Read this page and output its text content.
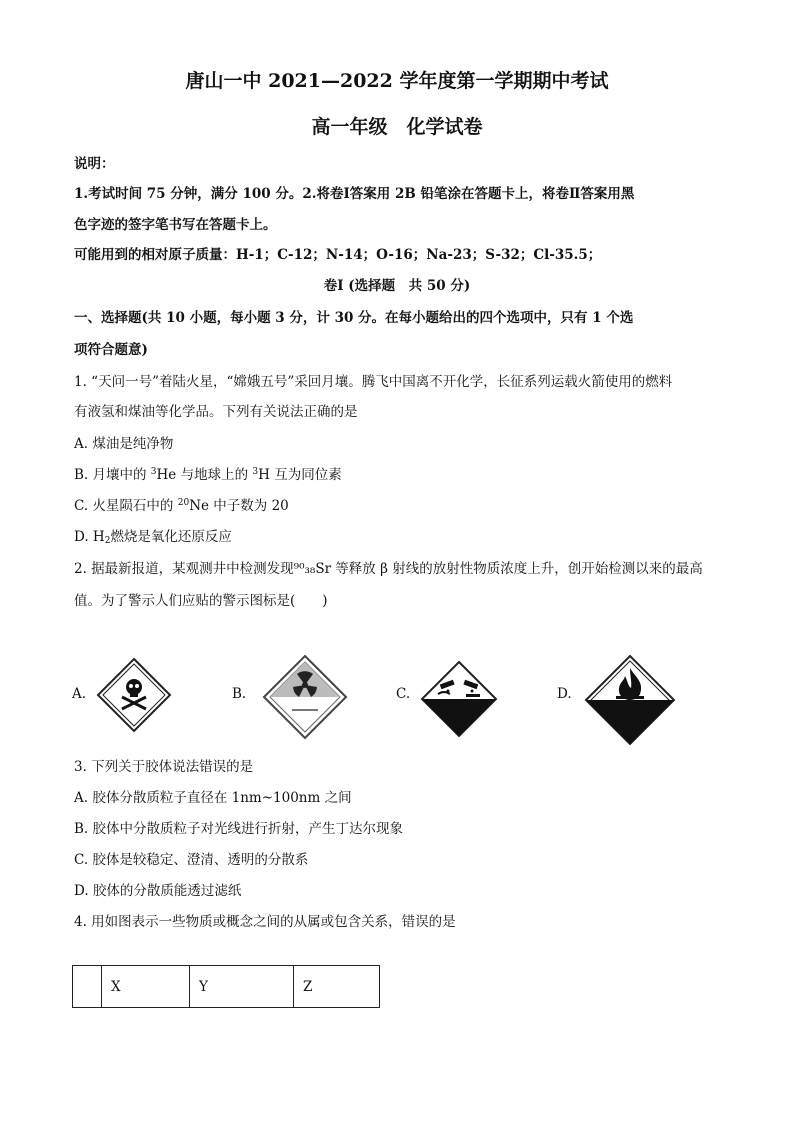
唐山一中 2021—2022 学年度第一学期期中考试
高一年级　化学试卷
说明：
1.考试时间 75 分钟，满分 100 分。2.将卷Ⅰ答案用 2B 铅笔涂在答题卡上，将卷Ⅱ答案用黑
色字迹的签字笔书写在答题卡上。
可能用到的相对原子质量：H-1；C-12；N-14；O-16；Na-23；S-32；Cl-35.5；
卷Ⅰ (选择题　共 50 分)
一、选择题(共 10 小题，每小题 3 分，计 30 分。在每小题给出的四个选项中，只有 1 个选
项符合题意)
1. “天问一号”着陆火星，“嫦娥五号”采回月壤。腾飞中国离不开化学，长征系列运载火箭使用的燃料
有液氢和煤油等化学品。下列有关说法正确的是
A. 煤油是纯净物
B. 月壤中的 $^3$He 与地球上的 $^3$H 互为同位素
C. 火星陨石中的 $^{20}$Ne 中子数为 20
D. $H_2$燃烧是氧化还原反应
2. 据最新报道，某观测井中检测发现⁹⁰₃₈Sr 等释放 β 射线的放射性物质浓度上升，创开始检测以来的最高
值。为了警示人们应贴的警示图标是(　　)
A.	B.	C.	D.
3. 下列关于胶体说法错误的是
A. 胶体分散质粒子直径在 1nm~100nm 之间
B. 胶体中分散质粒子对光线进行折射，产生丁达尔现象
C. 胶体是较稳定、澄清、透明的分散系
D. 胶体的分散质能透过滤纸
4. 用如图表示一些物质或概念之间的从属或包含关系，错误的是
	X	Y	Z
